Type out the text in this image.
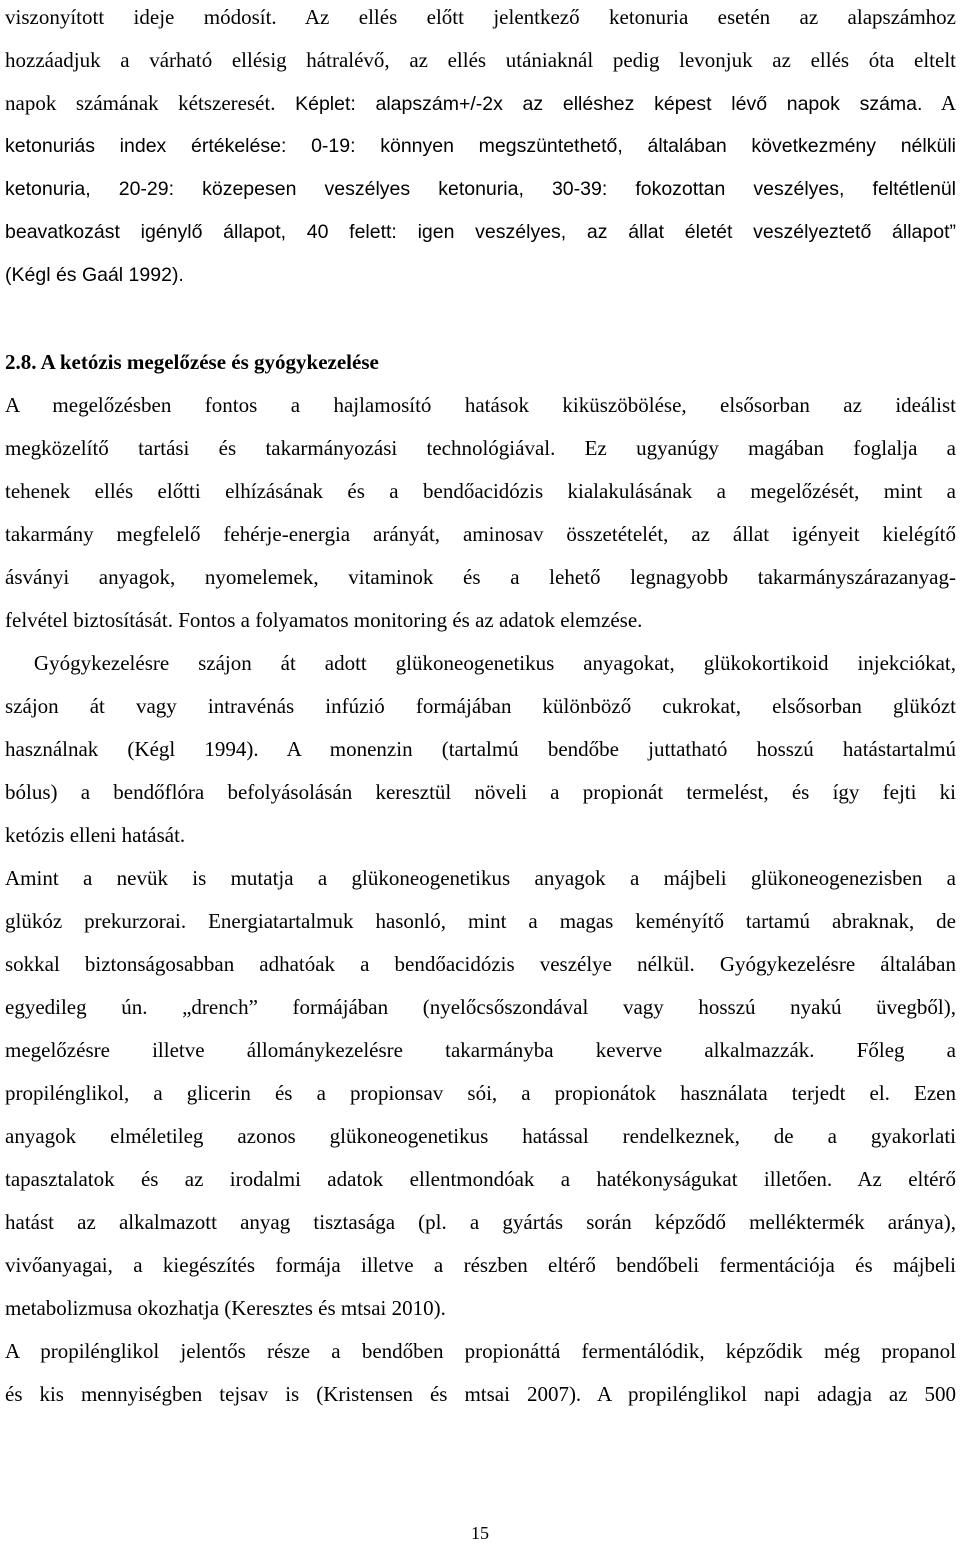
viszonyított ideje módosít. Az ellés előtt jelentkező ketonuria esetén az alapszámhoz
hozzáadjuk a várható ellésig hátralévő, az ellés utániaknál pedig levonjuk az ellés óta eltelt
napok számának kétszeresét. Képlet: alapszám+/-2x az elléshez képest lévő napok száma. A
ketonuriás index értékelése: 0-19: könnyen megszüntethető, általában következmény nélküli
ketonuria, 20-29: közepesen veszélyes ketonuria, 30-39: fokozottan veszélyes, feltétlenül
beavatkozást igénylő állapot, 40 felett: igen veszélyes, az állat életét veszélyeztető állapot”
(Kégl és Gaál 1992).
2.8. A ketózis megelőzése és gyógykezelése
A megelőzésben fontos a hajlamosító hatások kiküszöbölése, elsősorban az ideálist
megközelítő tartási és takarmányozási technológiával. Ez ugyanúgy magában foglalja a
tehenek ellés előtti elhízásának és a bendőacidózis kialakulásának a megelőzését, mint a
takarmány megfelelő fehérje-energia arányát, aminosav összetételét, az állat igényeit kielégítő
ásványi anyagok, nyomelemek, vitaminok és a lehető legnagyobb takarmányszárazanyag-
felvétel biztosítását. Fontos a folyamatos monitoring és az adatok elemzése.
Gyógykezelésre szájon át adott glükoneogenetikus anyagokat, glükokortikoid injekciókat,
szájon át vagy intravénás infúzió formájában különböző cukrokat, elsősorban glükózt
használnak (Kégl 1994). A monenzin (tartalmú bendőbe juttatható hosszú hatástartalmú
bólus) a bendőflóra befolyásolásán keresztül növeli a propionát termelést, és így fejti ki
ketózis elleni hatását.
Amint a nevük is mutatja a glükoneogenetikus anyagok a májbeli glükoneogenezisben a
glükóz prekurzorai. Energiatartalmuk hasonló, mint a magas keményítő tartamú abraknak, de
sokkal biztonságosabban adhatóak a bendőacidózis veszélye nélkül. Gyógykezelésre általában
egyedileg ún. „drench” formájában (nyelőcsőszondával vagy hosszú nyakú üvegből),
megelőzésre illetve állománykezelésre takarmányba keverve alkalmazzák. Főleg a
propilénglikol, a glicerin és a propionsav sói, a propionátok használata terjedt el. Ezen
anyagok elméletileg azonos glükoneogenetikus hatással rendelkeznek, de a gyakorlati
tapasztalatok és az irodalmi adatok ellentmondóak a hatékonyságukat illetően. Az eltérő
hatást az alkalmazott anyag tisztasága (pl. a gyártás során képződő melléktermék aránya),
vivőanyagai, a kiegészítés formája illetve a részben eltérő bendőbeli fermentációja és májbeli
metabolizmusa okozhatja (Keresztes és mtsai 2010).
A propilénglikol jelentős része a bendőben propionáttá fermentálódik, képződik még propanol
és kis mennyiségben tejsav is (Kristensen és mtsai 2007). A propilénglikol napi adagja az 500
15
